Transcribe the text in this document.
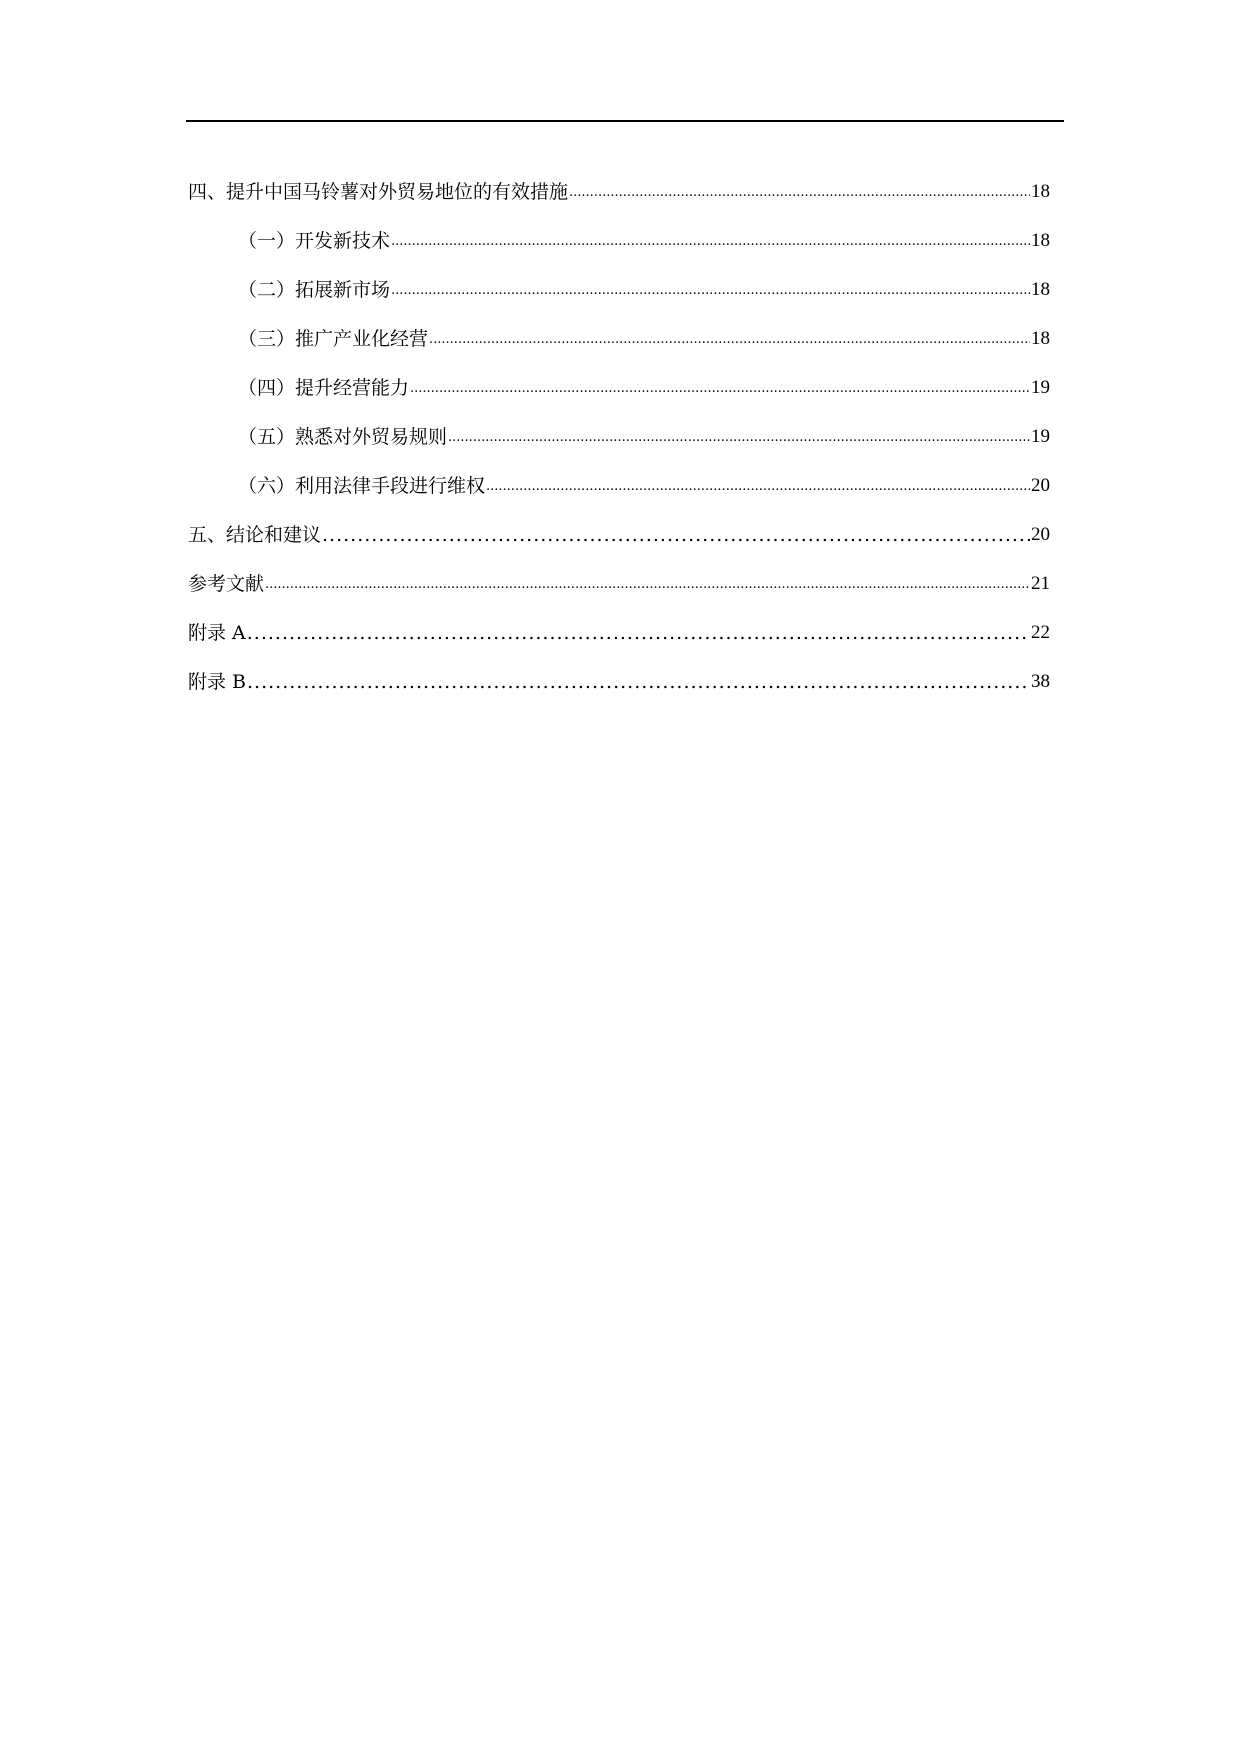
四、提升中国马铃薯对外贸易地位的有效措施 .....	18
（一）开发新技术 .....	18
（二）拓展新市场 .....	18
（三）推广产业化经营 .....	18
（四）提升经营能力 .....	19
（五）熟悉对外贸易规则 .....	19
（六）利用法律手段进行维权 .....	20
五、结论和建议 .....	20
参考文献 .....	21
附录 A .....	22
附录 B .....	38
